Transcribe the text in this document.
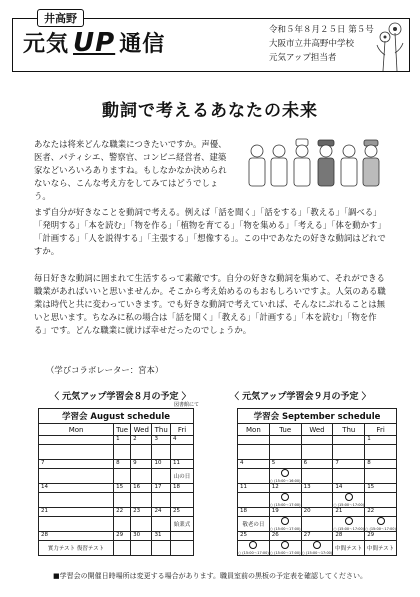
井高野
元気 UP 通信
令和５年８月２５日 第５号
大阪市立井高野中学校
元気アップ担当者
動詞で考えるあなたの未来
あなたは将来どんな職業につきたいですか。声優、医者、パティシエ、警察官、コンビニ経営者、建築家などいろいろありますね。もしなかなか決められないなら、こんな考え方をしてみてはどうでしょう。
まず自分が好きなことを動詞で考える。例えば「話を聞く」「話をする」「教える」「調べる」「発明する」「本を読む」「物を作る」「植物を育てる」「物を集める」「考える」「体を動かす」「計画する」「人を説得する」「主張する」「想像する」。この中であなたの好きな動詞はどれですか。
毎日好きな動詞に囲まれて生活するって素敵です。自分の好きな動詞を集めて、それができる職業があればいいと思いませんか。そこから考え始めるのもおもしろいですよ。人気のある職業は時代と共に変わっていきます。でも好きな動詞で考えていれば、そんなにぶれることは無いと思います。ちなみに私の場合は「話を聞く」「教える」「計画する」「本を読む」「物を作る」です。どんな職業に就けば幸せだったのでしょうか。
（学びコラボレーター：宮本）
〈 元気アップ学習会８月の予定 〉
図書館にて
学習会 August schedule				
Mon	Tue	Wed	Thu	Fri
	1	2	3	4

7	8	9	10	11
				山の日
14	15	16	17	18

21	22	23	24	25
				始業式
28	29	30	31	
實力テスト 復習テスト				
〈 元気アップ学習会９月の予定 〉
学習会 September schedule				
Mon	Tue	Wed	Thu	Fri
				1

4	5	6	7	8

	○ (15:00〜16:00)			

11	12	13	14	15

	○ (15:00〜17:00)		○ (15:00〜17:00)	

18	19	20	21	22
敬老の日	○ (15:00〜17:00)		○ (15:00〜17:00)	○ (15:00〜17:00)

25	26	27	28	29

○ (15:00〜17:00)	○ (15:00〜17:00)	○ (15:00〜17:00)	中間テスト	中間テスト
■学習会の開催日時場所は変更する場合があります。職員室前の黒板の予定表を確認してください。
